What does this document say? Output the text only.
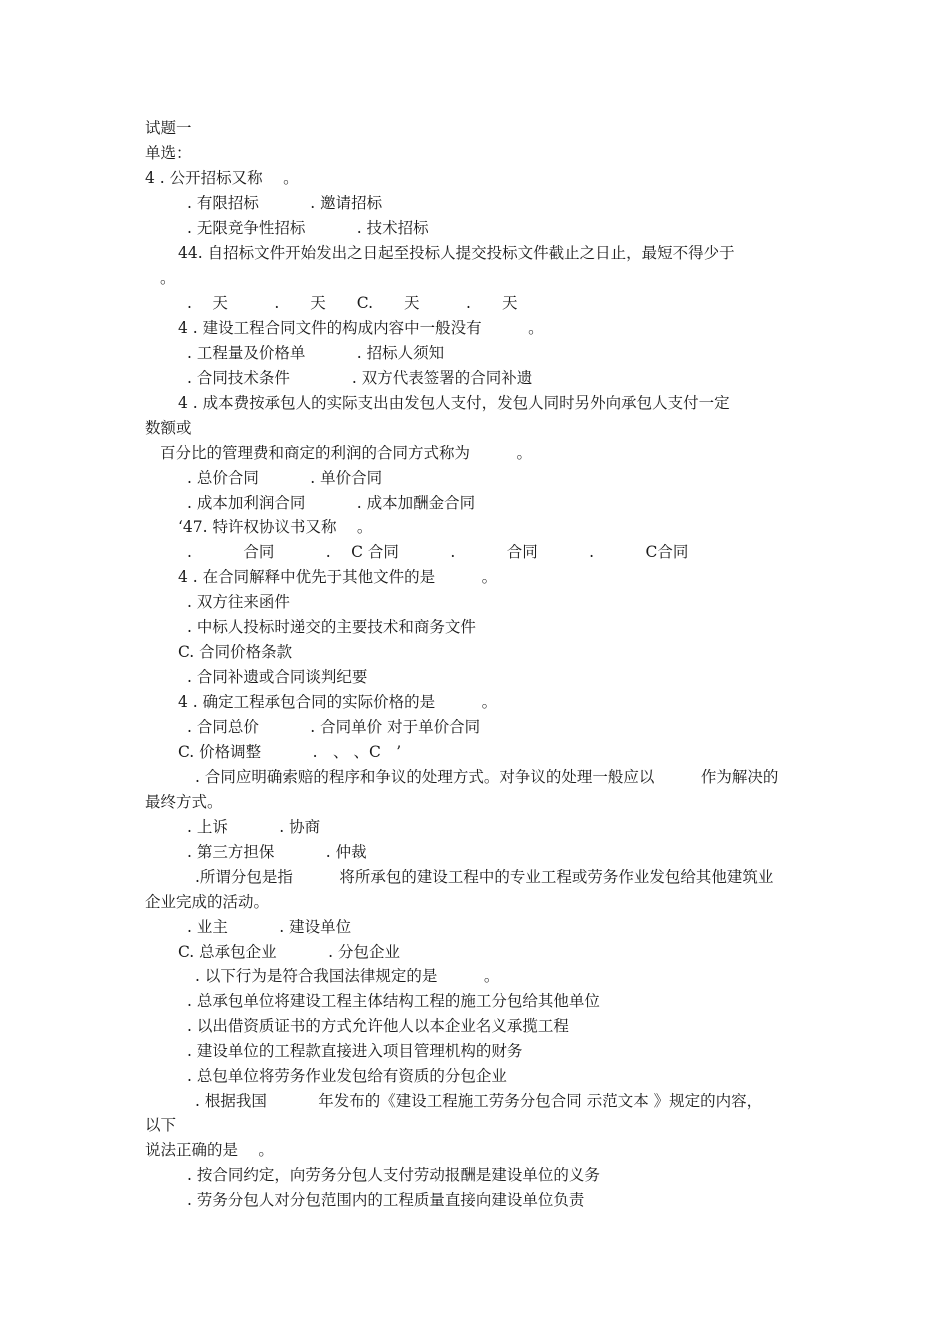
试题一
单选：
4 . 公开招标又称　 。
. 有限招标　　　 . 邀请招标
. 无限竞争性招标　　　 . 技术招标
44. 自招标文件开始发出之日起至投标人提交投标文件截止之日止，最短不得少于
。
.　 天　　　.　　天　　C.　　天　　　.　　天
4 . 建设工程合同文件的构成内容中一般没有　　　。
. 工程量及价格单　　　 . 招标人须知
. 合同技术条件　　　　. 双方代表签署的合同补遗
4 . 成本费按承包人的实际支出由发包人支付，发包人同时另外向承包人支付一定
数额或
百分比的管理费和商定的利润的合同方式称为　　　。
. 总价合同　　　 . 单价合同
. 成本加利润合同　　　 . 成本加酬金合同
‘47. 特许权协议书又称　 。
.　　　 合同　　　 .　 C 合同　　　 .　　　 合同　　　 .　　　 C合同
4 . 在合同解释中优先于其他文件的是　　　。
. 双方往来函件
. 中标人投标时递交的主要技术和商务文件
C. 合同价格条款
. 合同补遗或合同谈判纪要
4 . 确定工程承包合同的实际价格的是　　　。
. 合同总价　　　 . 合同单价 对于单价合同
C. 价格调整　　　 .　、 、C　’
. 合同应明确索赔的程序和争议的处理方式。对争议的处理一般应以　　　作为解决的
最终方式。
. 上诉　　　 . 协商
. 第三方担保　　　 . 仲裁
.所谓分包是指　　　将所承包的建设工程中的专业工程或劳务作业发包给其他建筑业
企业完成的活动。
. 业主　　　 . 建设单位
C. 总承包企业　　　 . 分包企业
. 以下行为是符合我国法律规定的是　　　。
. 总承包单位将建设工程主体结构工程的施工分包给其他单位
. 以出借资质证书的方式允许他人以本企业名义承揽工程
. 建设单位的工程款直接进入项目管理机构的财务
. 总包单位将劳务作业发包给有资质的分包企业
. 根据我国　　　 年发布的《建设工程施工劳务分包合同 示范文本 》规定的内容，
以下
说法正确的是　 。
. 按合同约定，向劳务分包人支付劳动报酬是建设单位的义务
. 劳务分包人对分包范围内的工程质量直接向建设单位负责
